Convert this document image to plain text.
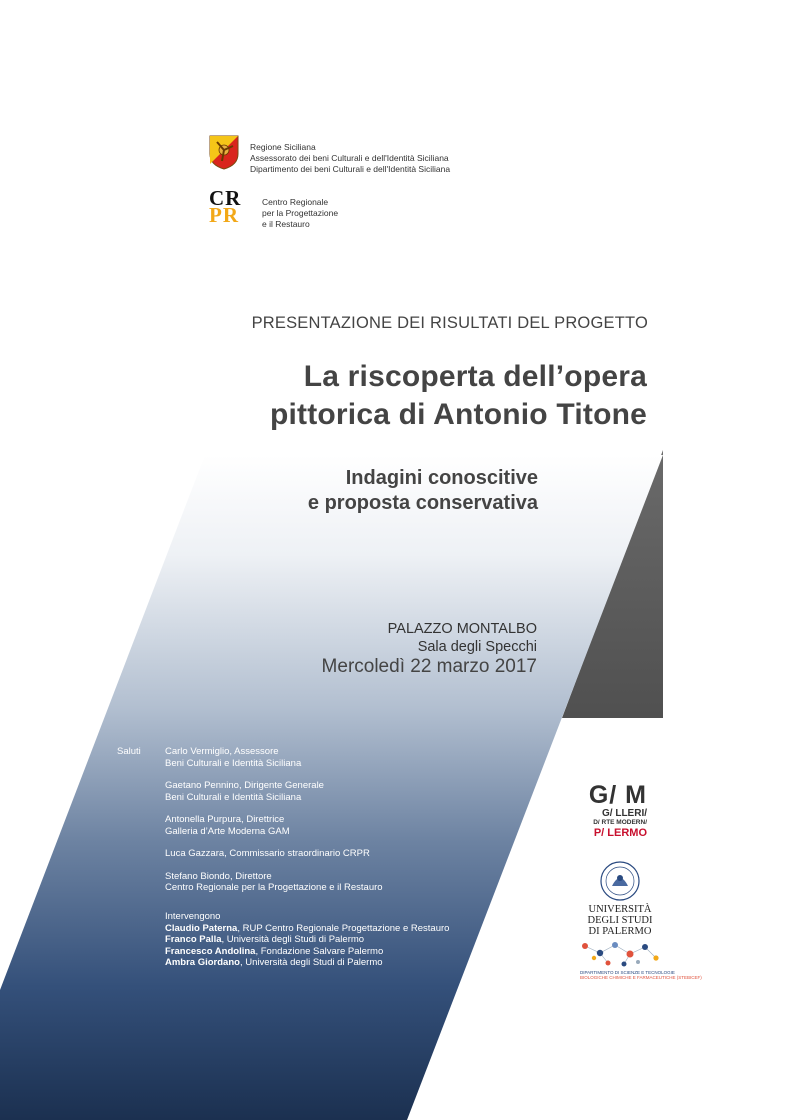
Regione Siciliana
Assessorato dei beni Culturali e dell'Identità Siciliana
Dipartimento dei beni Culturali e dell'Identità Siciliana
CR
PR
Centro Regionale
per la Progettazione
e il Restauro
PRESENTAZIONE DEI RISULTATI DEL PROGETTO
La riscoperta dell’opera
pittorica di Antonio Titone
Indagini conoscitive
e proposta conservativa
PALAZZO MONTALBO
Sala degli Specchi
Mercoledì 22 marzo 2017
Saluti	Carlo Vermiglio, Assessore
Beni Culturali e Identità Siciliana
Gaetano Pennino, Dirigente Generale
Beni Culturali e Identità Siciliana
Antonella Purpura, Direttrice
Galleria d’Arte Moderna GAM
Luca Gazzara, Commissario straordinario CRPR
Stefano Biondo, Direttore
Centro Regionale per la Progettazione e il Restauro
Intervengono
Claudio Paterna, RUP Centro Regionale Progettazione e Restauro
Franco Palla, Università degli Studi di Palermo
Francesco Andolina, Fondazione Salvare Palermo
Ambra Giordano, Università degli Studi di Palermo
G/ M
G/ LLERI/
D/ RTE MODERN/
P/ LERMO
UNIVERSITÀ
DEGLI STUDI
DI PALERMO
DIPARTIMENTO DI SCIENZE E TECNOLOGIE
BIOLOGICHE CHIMICHE E FARMACEUTICHE (STEBICEF)
